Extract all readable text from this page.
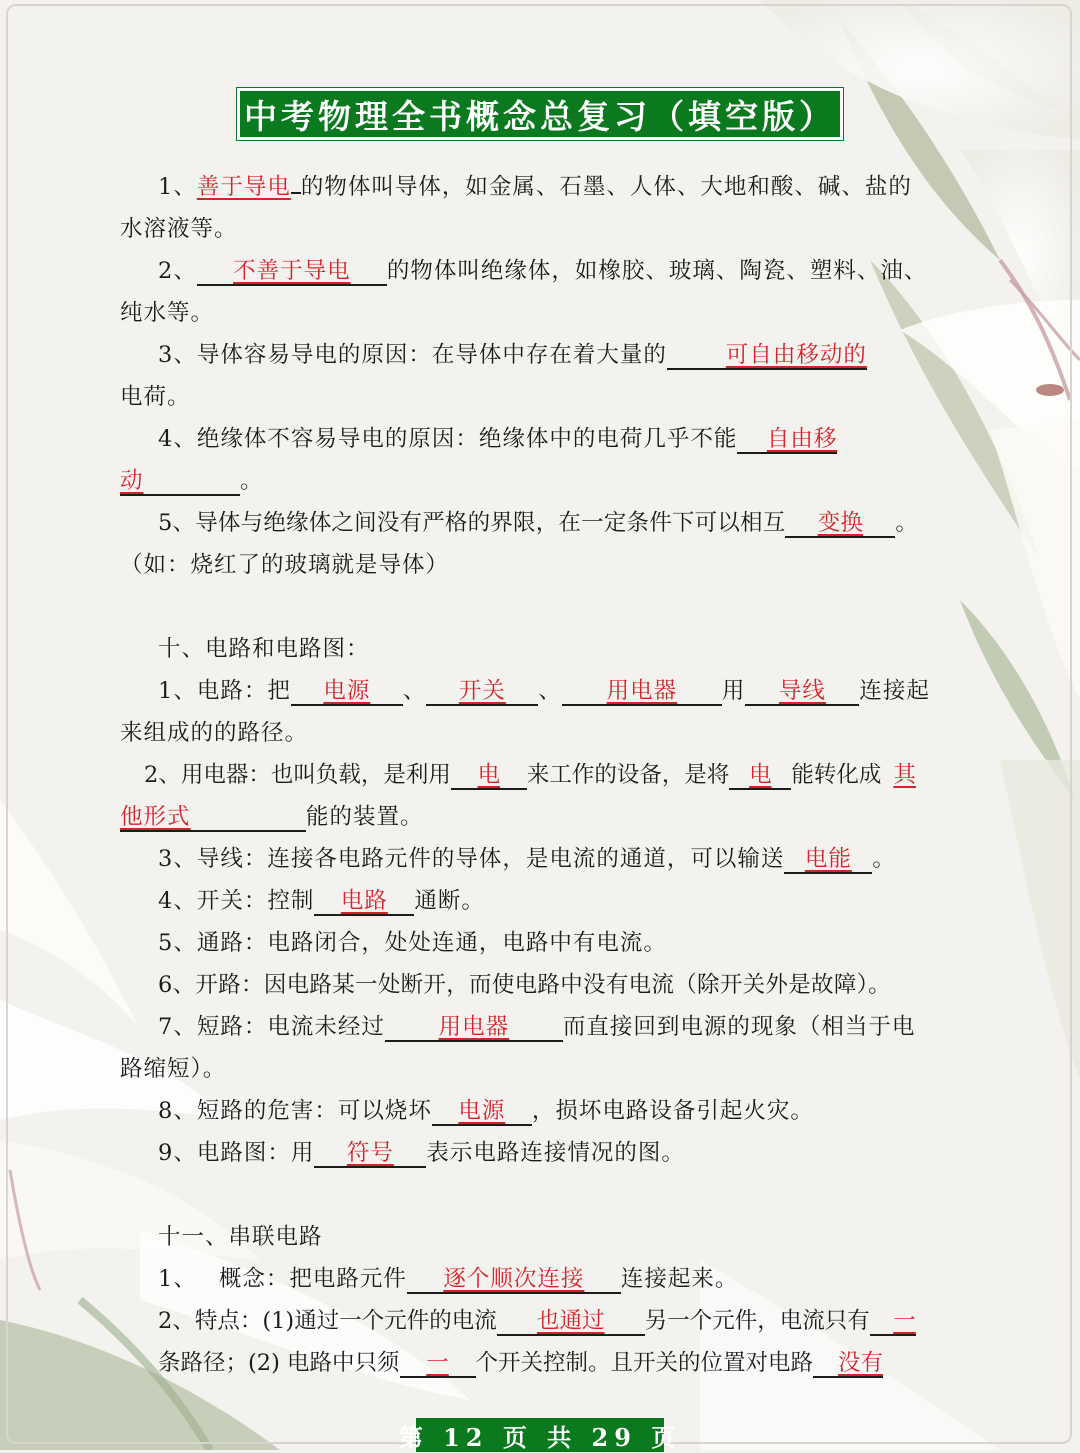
中考物理全书概念总复习（填空版）
1、善于导电 的物体叫导体，如金属、石墨、人体、大地和酸、碱、盐的
水溶液等。
2、 不善于导电 的物体叫绝缘体，如橡胶、玻璃、陶瓷、塑料、油、
纯水等。
3、导体容易导电的原因：在导体中存在着大量的	可自由移动的
电荷。
4、绝缘体不容易导电的原因：绝缘体中的电荷几乎不能 自由移
动	。
5、导体与绝缘体之间没有严格的界限，在一定条件下可以相互 变换 。
（如：烧红了的玻璃就是导体）
十、电路和电路图：
1、电路：把 电源 、 开关 、 用电器 用 导线 连接起
来组成的的路径。
2、用电器：也叫负载，是利用 电 来工作的设备，是将 电 能转化成 其
他形式	能的装置。
3、导线：连接各电路元件的导体，是电流的通道，可以输送 电能 。
4、开关：控制 电路 通断。
5、通路：电路闭合，处处连通，电路中有电流。
6、开路：因电路某一处断开，而使电路中没有电流（除开关外是故障）。
7、短路：电流未经过 用电器 而直接回到电源的现象（相当于电
路缩短）。
8、短路的危害：可以烧坏 电源 ，损坏电路设备引起火灾。
9、电路图：用 符号 表示电路连接情况的图。
十一、串联电路
1、 概念：把电路元件 逐个顺次连接 连接起来。
2、特点：(1)通过一个元件的电流 也通过 另一个元件，电流只有 一
条路径；(2) 电路中只须 一 个开关控制。且开关的位置对电路 没有
第 12 页 共 29 页
